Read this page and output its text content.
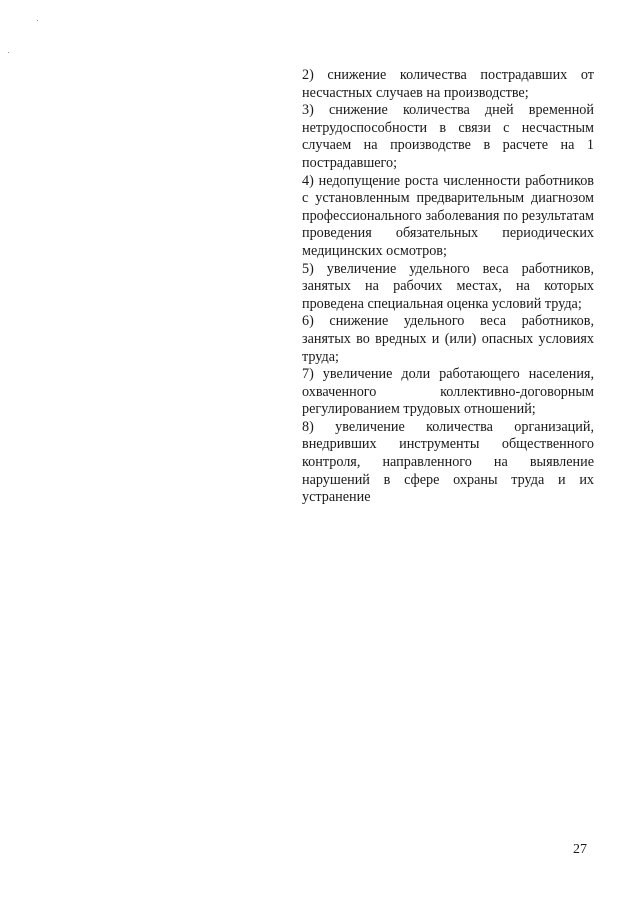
2) снижение количества пострадавших от несчастных случаев на производстве;

3) снижение количества дней временной нетрудоспособности в связи с несчастным случаем на производстве в расчете на 1 пострадавшего;

4) недопущение роста численности работников с установленным предварительным диагнозом профессионального заболевания по результатам проведения обязательных периодических медицинских осмотров;

5) увеличение удельного веса работников, занятых на рабочих местах, на которых проведена специальная оценка условий труда;

6) снижение удельного веса работников, занятых во вредных и (или) опасных условиях труда;

7) увеличение доли работающего населения, охваченного коллективно-договорным регулированием трудовых отношений;

8) увеличение количества организаций, внедривших инструменты общественного контроля, направленного на выявление нарушений в сфере охраны труда и их устранение

27
